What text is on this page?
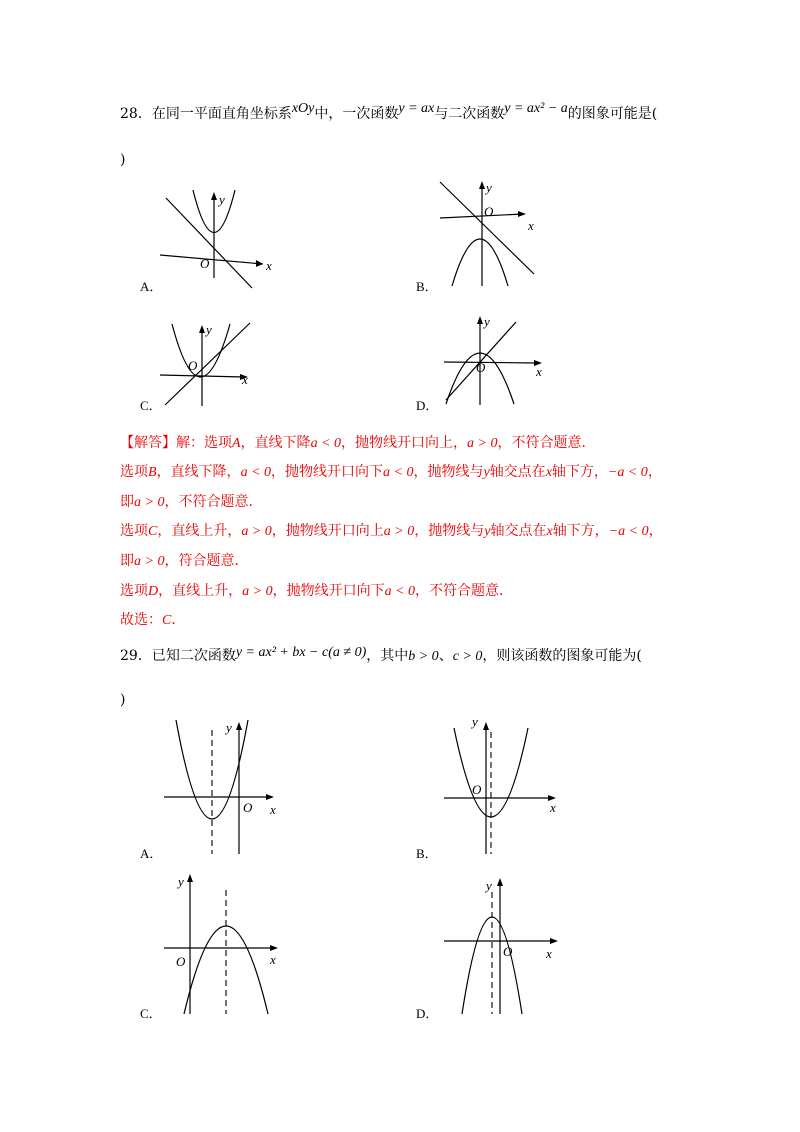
28．在同一平面直角坐标系xOy中，一次函数y = ax与二次函数y = ax² − a的图象可能是(
)
y
x
O
A．
y
x
O
B．
y
x
O
C．
y
x
O
D．
【解答】解：选项A，直线下降a < 0，抛物线开口向上，a > 0，不符合题意．
选项B，直线下降，a < 0，抛物线开口向下a < 0，抛物线与y轴交点在x轴下方，−a < 0，
即a > 0，不符合题意．
选项C，直线上升，a > 0，抛物线开口向上a > 0，抛物线与y轴交点在x轴下方，−a < 0，
即a > 0，符合题意．
选项D，直线上升，a > 0，抛物线开口向下a < 0，不符合题意．
故选：C．
29．已知二次函数y = ax² + bx − c(a ≠ 0)，其中b > 0、c > 0，则该函数的图象可能为(
)
y
x
O
A．
y
x
O
B．
y
x
O
C．
y
x
O
D．
